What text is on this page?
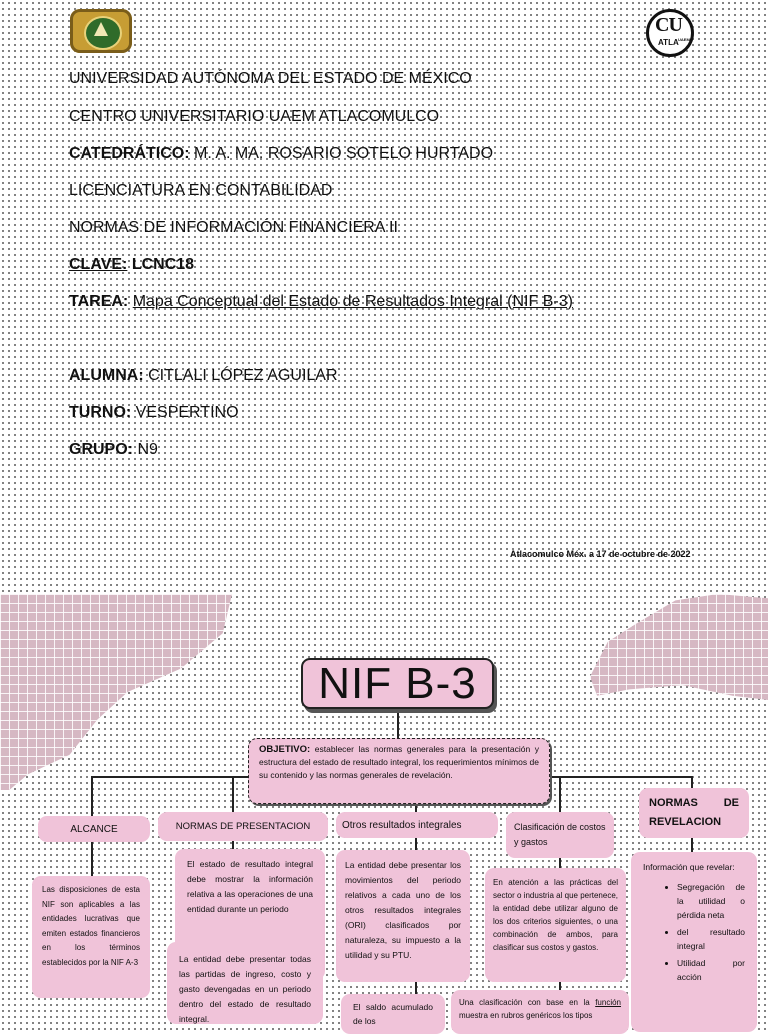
CU
ATLA UAEM
UNIVERSIDAD AUTÓNOMA DEL ESTADO DE MÉXICO
CENTRO UNIVERSITARIO UAEM ATLACOMULCO
CATEDRÁTICO: M. A. MA. ROSARIO SOTELO HURTADO
LICENCIATURA EN CONTABILIDAD
NORMAS DE INFORMACIÓN FINANCIERA II
CLAVE: LCNC18
TAREA: Mapa Conceptual del Estado de Resultados Integral (NIF B-3)
ALUMNA: CITLALI LÓPEZ AGUILAR
TURNO: VESPERTINO
GRUPO: N9
Atlacomulco Méx. a 17 de octubre de 2022
NIF B-3
OBJETIVO: establecer las normas generales para la presentación y estructura del estado de resultado integral, los requerimientos mínimos de su contenido y las normas generales de revelación.
ALCANCE	NORMAS DE PRESENTACION	Otros resultados integrales	Clasificación de costos y gastos
NORMAS DE REVELACION
Las disposiciones de esta NIF son aplicables a las entidades lucrativas que emiten estados financieros en los términos establecidos por la NIF A-3
El estado de resultado integral debe mostrar la información relativa a las operaciones de una entidad durante un periodo
La entidad debe presentar todas las partidas de ingreso, costo y gasto devengadas en un periodo dentro del estado de resultado integral.
La entidad debe presentar los movimientos del periodo relativos a cada uno de los otros resultados integrales (ORI) clasificados por naturaleza, su impuesto a la utilidad y su PTU.
El saldo acumulado de los
En atención a las prácticas del sector o industria al que pertenece, la entidad debe utilizar alguno de los dos criterios siguientes, o una combinación de ambos, para clasificar sus costos y gastos.
Una clasificación con base en la función muestra en rubros genéricos los tipos
Información que revelar:
• Segregación de la utilidad o pérdida neta
• del resultado integral
• Utilidad por acción
